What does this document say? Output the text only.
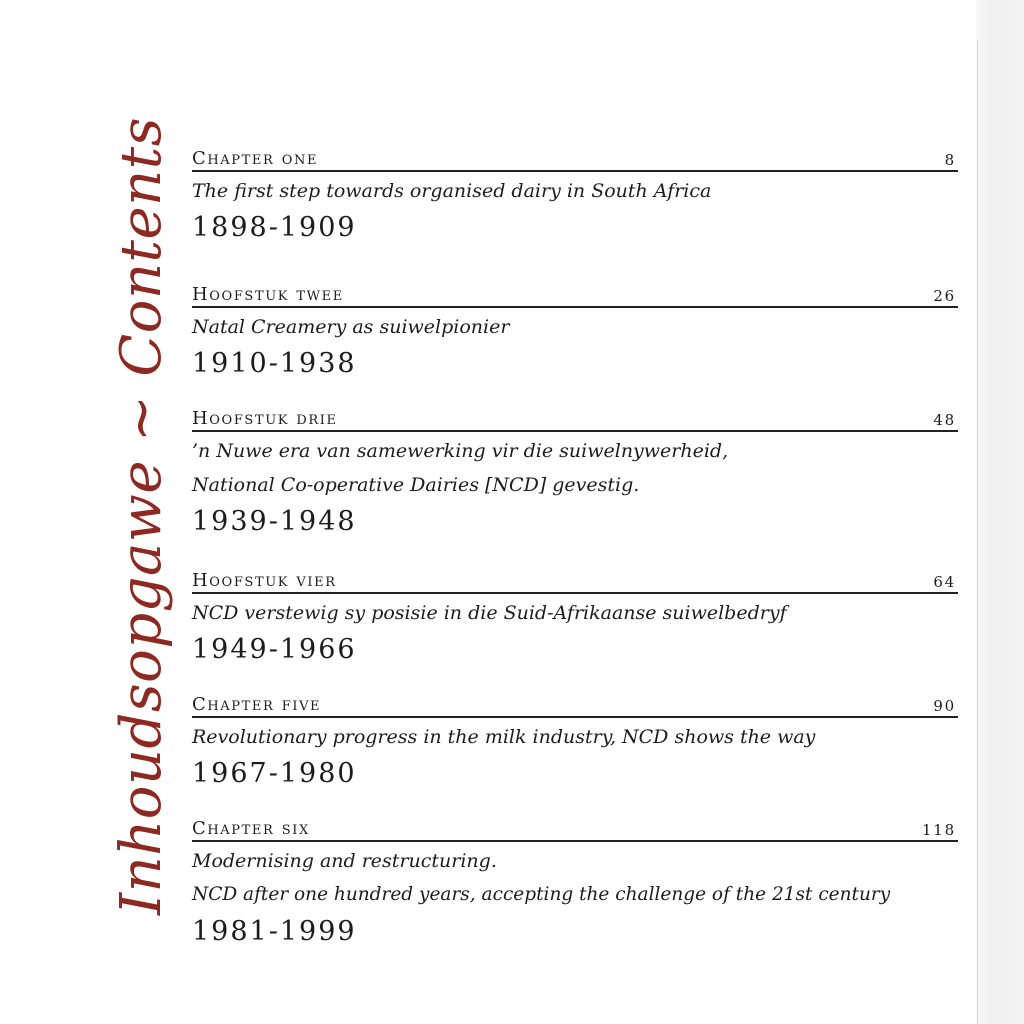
Inhoudsopgawe~Contents Chapter one	8
The first step towards organised dairy in South Africa
1898-1909
Hoofstuk twee	26
Natal Creamery as suiwelpionier
1910-1938
Hoofstuk drie	48
’n Nuwe era van samewerking vir die suiwelnywerheid,
National Co-operative Dairies [NCD] gevestig.
1939-1948
Hoofstuk vier	64
NCD verstewig sy posisie in die Suid-Afrikaanse suiwelbedryf
1949-1966
Chapter five	90
Revolutionary progress in the milk industry, NCD shows the way
1967-1980
Chapter six	118
Modernising and restructuring.
NCD after one hundred years, accepting the challenge of the 21st century
1981-1999
